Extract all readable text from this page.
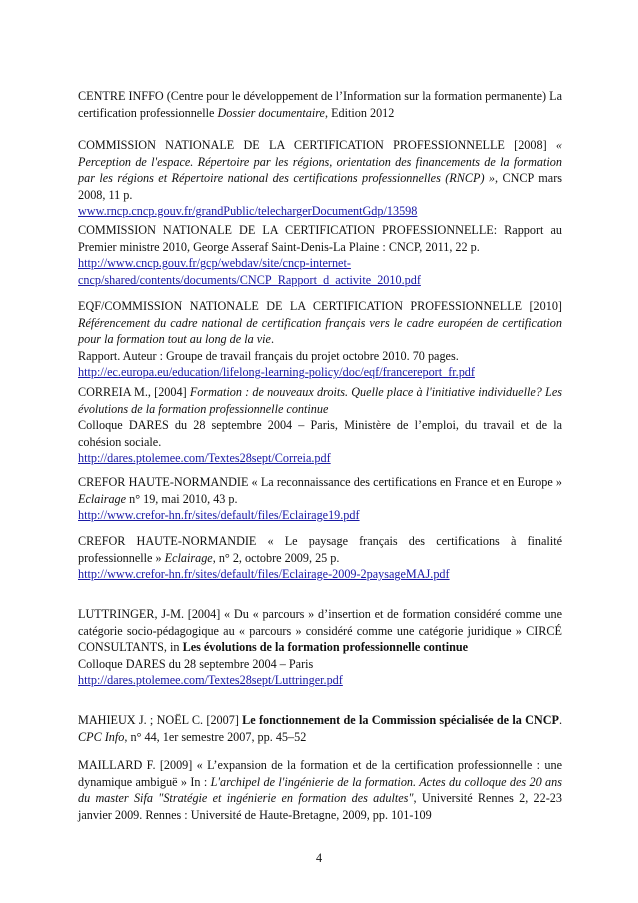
CENTRE INFFO (Centre pour le développement de l’Information sur la formation permanente) La certification professionnelle Dossier documentaire, Edition 2012

COMMISSION NATIONALE DE LA CERTIFICATION PROFESSIONNELLE [2008] « Perception de l'espace. Répertoire par les régions, orientation des financements de la formation par les régions et Répertoire national des certifications professionnelles (RNCP) », CNCP mars 2008, 11 p.

www.rncp.cncp.gouv.fr/grandPublic/telechargerDocumentGdp/13598

COMMISSION NATIONALE DE LA CERTIFICATION PROFESSIONNELLE: Rapport au Premier ministre 2010, George Asseraf Saint-Denis-La Plaine : CNCP, 2011, 22 p.

http://www.cncp.gouv.fr/gcp/webdav/site/cncp-internet-cncp/shared/contents/documents/CNCP_Rapport_d_activite_2010.pdf

EQF/COMMISSION NATIONALE DE LA CERTIFICATION PROFESSIONNELLE [2010] Référencement du cadre national de certification français vers le cadre européen de certification pour la formation tout au long de la vie.

Rapport. Auteur : Groupe de travail français du projet octobre 2010. 70 pages.

http://ec.europa.eu/education/lifelong-learning-policy/doc/eqf/francereport_fr.pdf

CORREIA M., [2004] Formation : de nouveaux droits. Quelle place à l'initiative individuelle? Les évolutions de la formation professionnelle continue

Colloque DARES du 28 septembre 2004 – Paris, Ministère de l’emploi, du travail et de la cohésion sociale.

http://dares.ptolemee.com/Textes28sept/Correia.pdf

CREFOR HAUTE-NORMANDIE « La reconnaissance des certifications en France et en Europe » Eclairage n° 19, mai 2010, 43 p.

http://www.crefor-hn.fr/sites/default/files/Eclairage19.pdf

CREFOR HAUTE-NORMANDIE « Le paysage français des certifications à finalité professionnelle » Eclairage, n° 2, octobre 2009, 25 p.

http://www.crefor-hn.fr/sites/default/files/Eclairage-2009-2paysageMAJ.pdf

LUTTRINGER, J-M. [2004] « Du « parcours » d’insertion et de formation considéré comme une catégorie socio-pédagogique au « parcours » considéré comme une catégorie juridique » CIRCÉ CONSULTANTS, in Les évolutions de la formation professionnelle continue

Colloque DARES du 28 septembre 2004 – Paris

http://dares.ptolemee.com/Textes28sept/Luttringer.pdf

MAHIEUX J. ; NOËL C. [2007] Le fonctionnement de la Commission spécialisée de la CNCP. CPC Info, n° 44, 1er semestre 2007, pp. 45–52

MAILLARD F. [2009] « L’expansion de la formation et de la certification professionnelle : une dynamique ambiguë » In : L'archipel de l'ingénierie de la formation. Actes du colloque des 20 ans du master Sifa "Stratégie et ingénierie en formation des adultes", Université Rennes 2, 22-23 janvier 2009. Rennes : Université de Haute-Bretagne, 2009, pp. 101-109

4
